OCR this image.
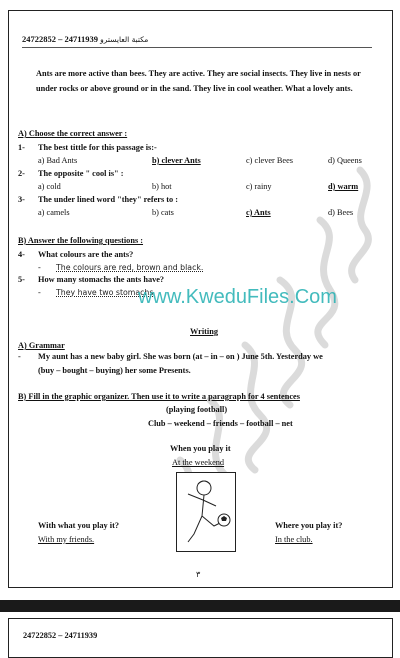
24722852 – 24711939 مكتبة العايسترو
Ants are more active than bees. They are active. They are social insects. They live in nests or under rocks or above ground or in the sand. They live in cool weather. What a lovely ants.
A) Choose the correct answer :
1- The best tittle for this passage is:-
a) Bad Ants	b) clever Ants	c) clever Bees	d) Queens
2- The opposite " cool is" :
a) cold	b) hot	c) rainy	d) warm
3- The under lined word "they" refers to :
a) camels	b) cats	c) Ants	d) Bees
B) Answer the following questions :
4- What colours are the ants?
- The colours are red, brown and black.
5- How many stomachs the ants have?
- They have two stomachs
www.KweduFiles.Com
Writing
A) Grammar
- My aunt has a new baby girl. She was born (at – in – on ) June 5th. Yesterday we
(buy – bought – buying) her some Presents.
B) Fill in the graphic organizer. Then use it to write a paragraph for 4 sentences
(playing football)
Club – weekend – friends – football – net
When you play it
At the weekend
With what you play it?
With my friends.
Where you play it?
In the club.
٣
24722852 – 24711939
